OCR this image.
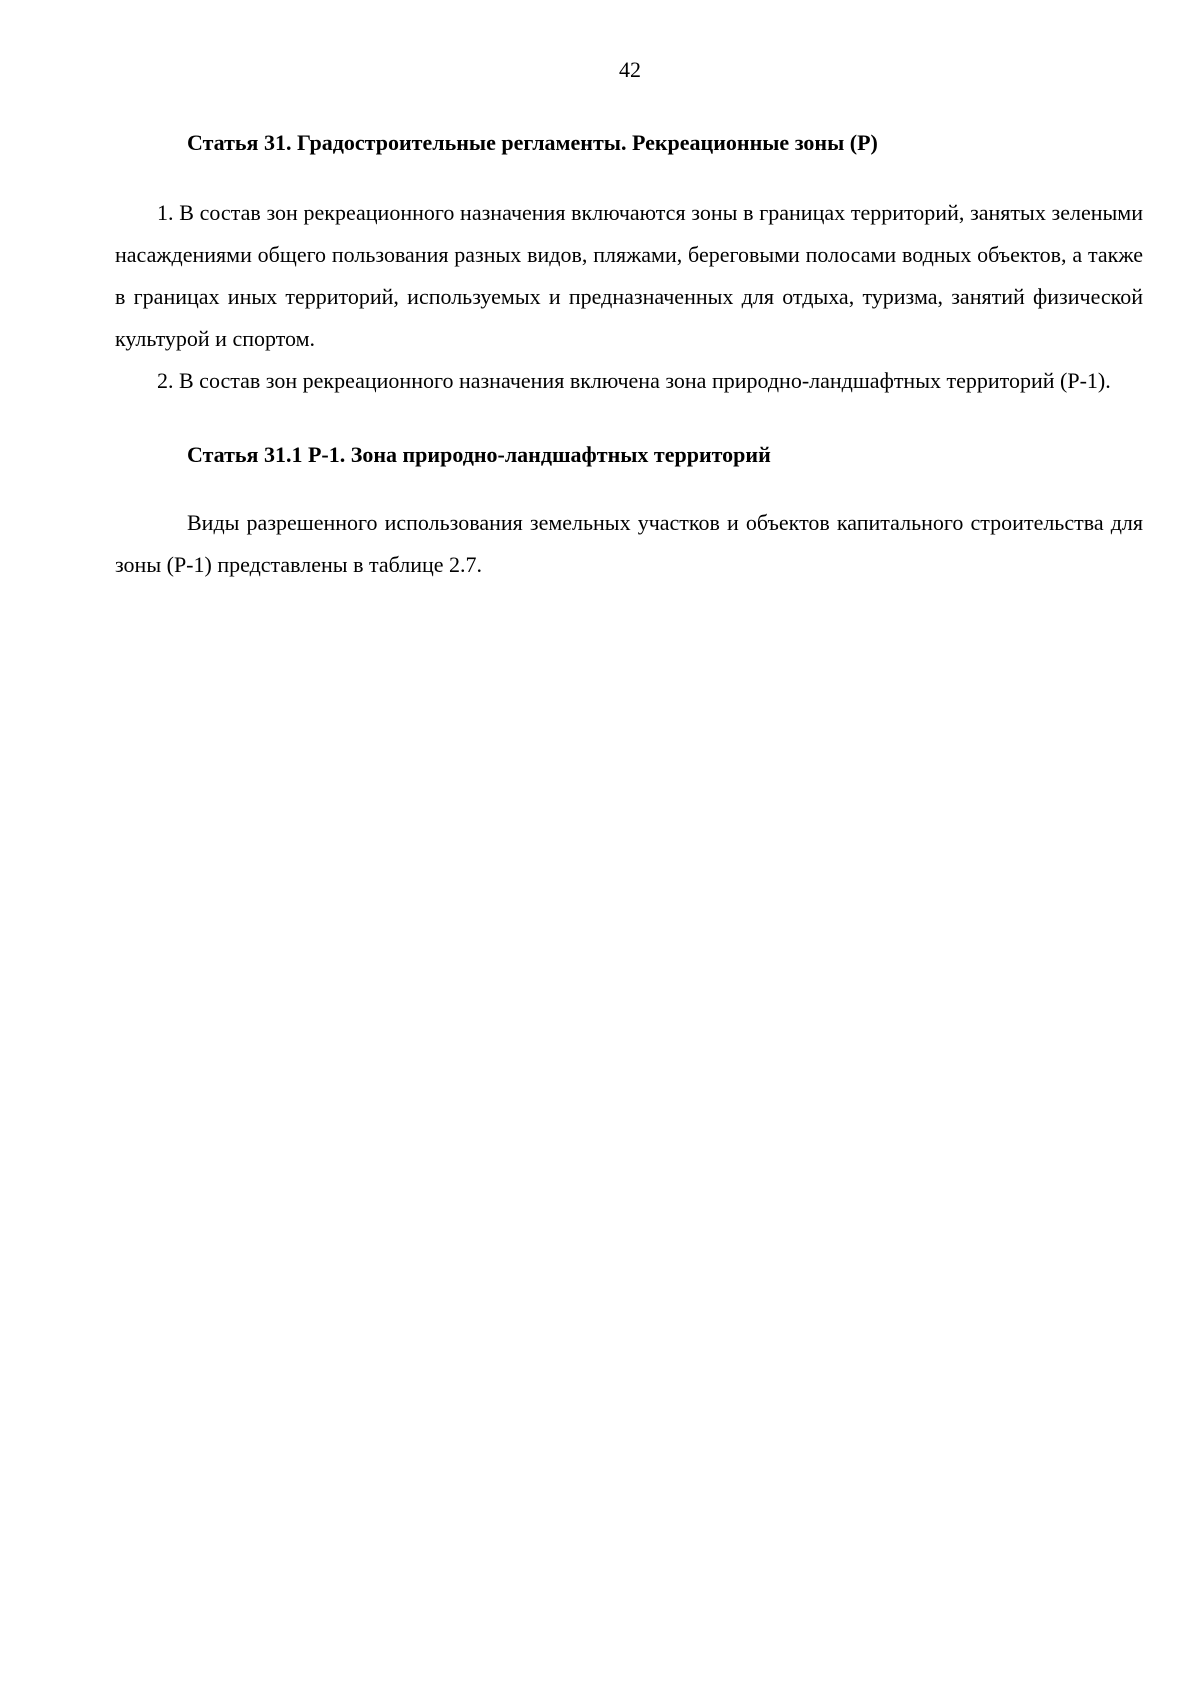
42
Статья 31. Градостроительные регламенты. Рекреационные зоны (Р)

1. В состав зон рекреационного назначения включаются зоны в границах территорий, занятых зелеными насаждениями общего пользования разных видов, пляжами, береговыми полосами водных объектов, а также в границах иных территорий, используемых и предназначенных для отдыха, туризма, занятий физической культурой и спортом.

2. В состав зон рекреационного назначения включена зона природно-ландшафтных территорий (Р-1).

Статья 31.1 Р-1. Зона природно-ландшафтных территорий

Виды разрешенного использования земельных участков и объектов капитального строительства для зоны (Р-1) представлены в таблице 2.7.
